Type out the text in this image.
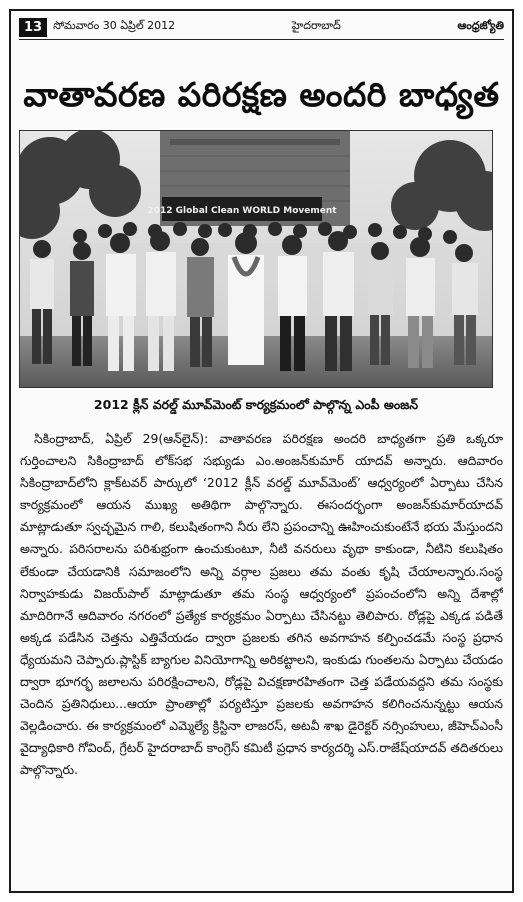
13	సోమవారం 30 ఏప్రిల్ 2012	హైదరాబాద్	ఆంధ్రజ్యోతి
వాతావరణ పరిరక్షణ అందరి బాధ్యత
2012 Global Clean WORLD Movement
2012 క్లీన్ వరల్డ్ మూవ్‌మెంట్ కార్యక్రమంలో పాల్గొన్న ఎంపీ అంజన్

సికింద్రాబాద్, ఏప్రిల్ 29(ఆన్‌లైన్): వాతావరణ పరిరక్షణ అందరి బాధ్యతగా ప్రతి ఒక్కరూ గుర్తించాలని సికింద్రాబాద్ లోక్‌సభ సభ్యుడు ఎం.అంజన్‌కుమార్ యాదవ్ అన్నారు. ఆదివారం సికింద్రాబాద్‌లోని క్లాక్‌టవర్ పార్కులో ‘2012 క్లీన్ వరల్డ్ మూవ్‌మెంట్’ ఆధ్వర్యంలో ఏర్పాటు చేసిన కార్యక్రమంలో ఆయన ముఖ్య అతిథిగా పాల్గొన్నారు. ఈసందర్భంగా అంజన్‌కుమార్‌యాదవ్ మాట్లాడుతూ స్వచ్ఛమైన గాలి, కలుషితంగాని నీరు లేని ప్రపంచాన్ని ఊహించుకుంటేనే భయ మేస్తుందని అన్నారు. పరిసరాలను పరిశుభ్రంగా ఉంచుకుంటూ, నీటి వనరులు వృథా కాకుండా, నీటిని కలుషితం లేకుండా చేయడానికి సమాజంలోని అన్ని వర్గాల ప్రజలు తమ వంతు కృషి చేయాలన్నారు.సంస్థ నిర్వాహకుడు విజయ్‌పాల్ మాట్లాడుతూ తమ సంస్థ ఆధ్వర్యంలో ప్రపంచంలోని అన్ని దేశాల్లో మాదిరిగానే ఆదివారం నగరంలో ప్రత్యేక కార్యక్రమం ఏర్పాటు చేసినట్టు తెలిపారు. రోడ్లపై ఎక్కడ పడితే అక్కడ పడేసిన చెత్తను ఎత్తివేయడం ద్వారా ప్రజలకు తగిన అవగాహన కల్పించడమే సంస్థ ప్రధాన ధ్యేయమని చెప్పారు.ప్లాస్టిక్ బ్యాగుల వినియోగాన్ని అరికట్టాలని, ఇంకుడు గుంతలను ఏర్పాటు చేయడం ద్వారా భూగర్భ జలాలను పరిరక్షించాలని, రోడ్లపై విచక్షణారహితంగా చెత్త పడేయవద్దని తమ సంస్థకు చెందిన ప్రతినిధులు...ఆయా ప్రాంతాల్లో పర్యటిస్తూ ప్రజలకు అవగాహన కలిగించనున్నట్టు ఆయన వెల్లడించారు. ఈ కార్యక్రమంలో ఎమ్మెల్యే క్రిస్టినా లాజరస్, అటవీ శాఖ డైరెక్టర్ నర్సింహులు, జీహెచ్ఎంసీ వైద్యాధికారి గోవింద్, గ్రేటర్ హైదరాబాద్ కాంగ్రెస్ కమిటీ ప్రధాన కార్యదర్శి ఎస్.రాజేష్‌యాదవ్ తదితరులు పాల్గొన్నారు.
